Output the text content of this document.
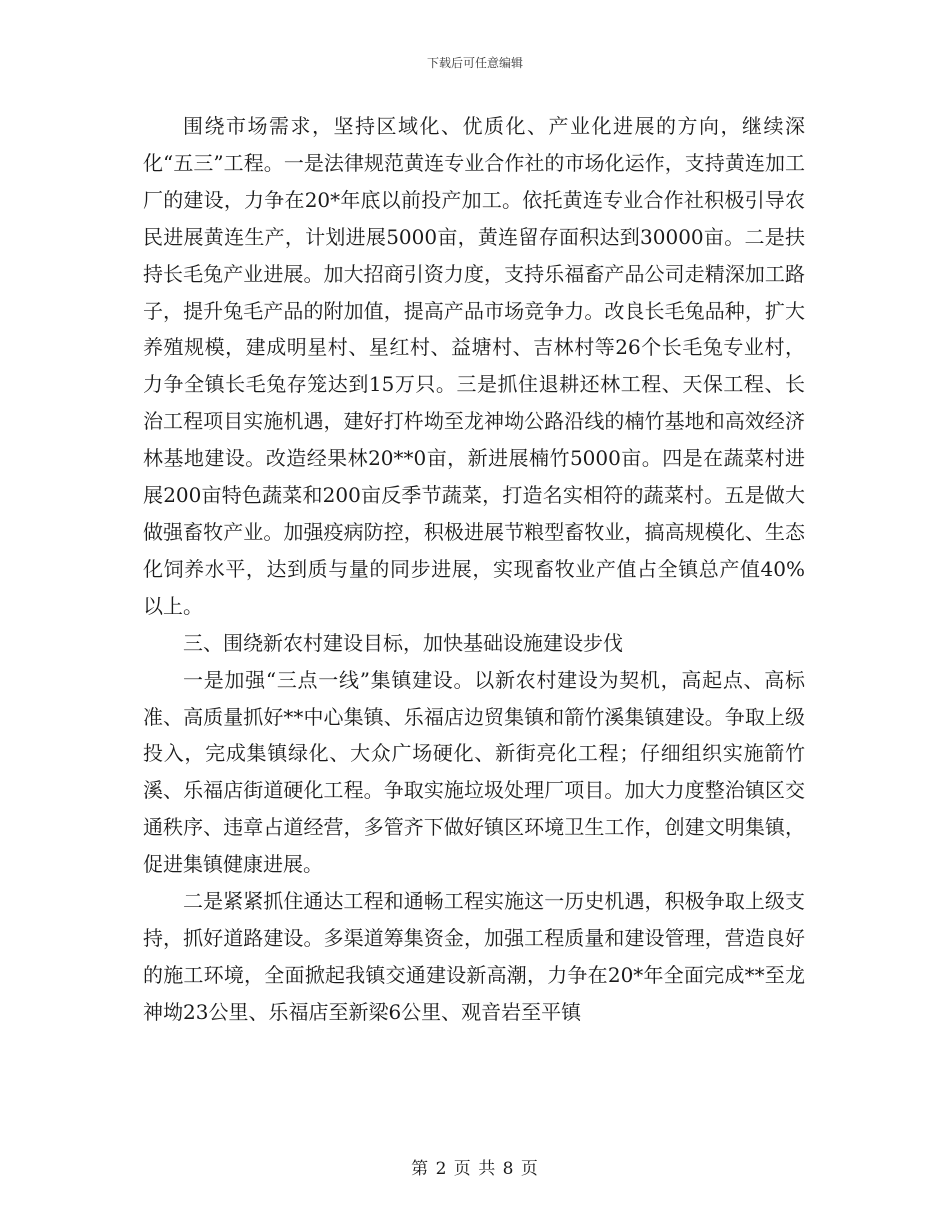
下载后可任意编辑

围绕市场需求，坚持区域化、优质化、产业化进展的方向，继续深化“五三”工程。一是法律规范黄连专业合作社的市场化运作，支持黄连加工厂的建设，力争在20*年底以前投产加工。依托黄连专业合作社积极引导农民进展黄连生产，计划进展5000亩，黄连留存面积达到30000亩。二是扶持长毛兔产业进展。加大招商引资力度，支持乐福畜产品公司走精深加工路子，提升兔毛产品的附加值，提高产品市场竞争力。改良长毛兔品种，扩大养殖规模，建成明星村、星红村、益塘村、吉林村等26个长毛兔专业村，力争全镇长毛兔存笼达到15万只。三是抓住退耕还林工程、天保工程、长治工程项目实施机遇，建好打杵坳至龙神坳公路沿线的楠竹基地和高效经济林基地建设。改造经果林20**0亩，新进展楠竹5000亩。四是在蔬菜村进展200亩特色蔬菜和200亩反季节蔬菜，打造名实相符的蔬菜村。五是做大做强畜牧产业。加强疫病防控，积极进展节粮型畜牧业，搞高规模化、生态化饲养水平，达到质与量的同步进展，实现畜牧业产值占全镇总产值40%以上。

三、围绕新农村建设目标，加快基础设施建设步伐

一是加强“三点一线”集镇建设。以新农村建设为契机，高起点、高标准、高质量抓好**中心集镇、乐福店边贸集镇和箭竹溪集镇建设。争取上级投入，完成集镇绿化、大众广场硬化、新街亮化工程；仔细组织实施箭竹溪、乐福店街道硬化工程。争取实施垃圾处理厂项目。加大力度整治镇区交通秩序、违章占道经营，多管齐下做好镇区环境卫生工作，创建文明集镇，促进集镇健康进展。

二是紧紧抓住通达工程和通畅工程实施这一历史机遇，积极争取上级支持，抓好道路建设。多渠道筹集资金，加强工程质量和建设管理，营造良好的施工环境，全面掀起我镇交通建设新高潮，力争在20*年全面完成**至龙神坳23公里、乐福店至新梁6公里、观音岩至平镇

第 2 页 共 8 页
